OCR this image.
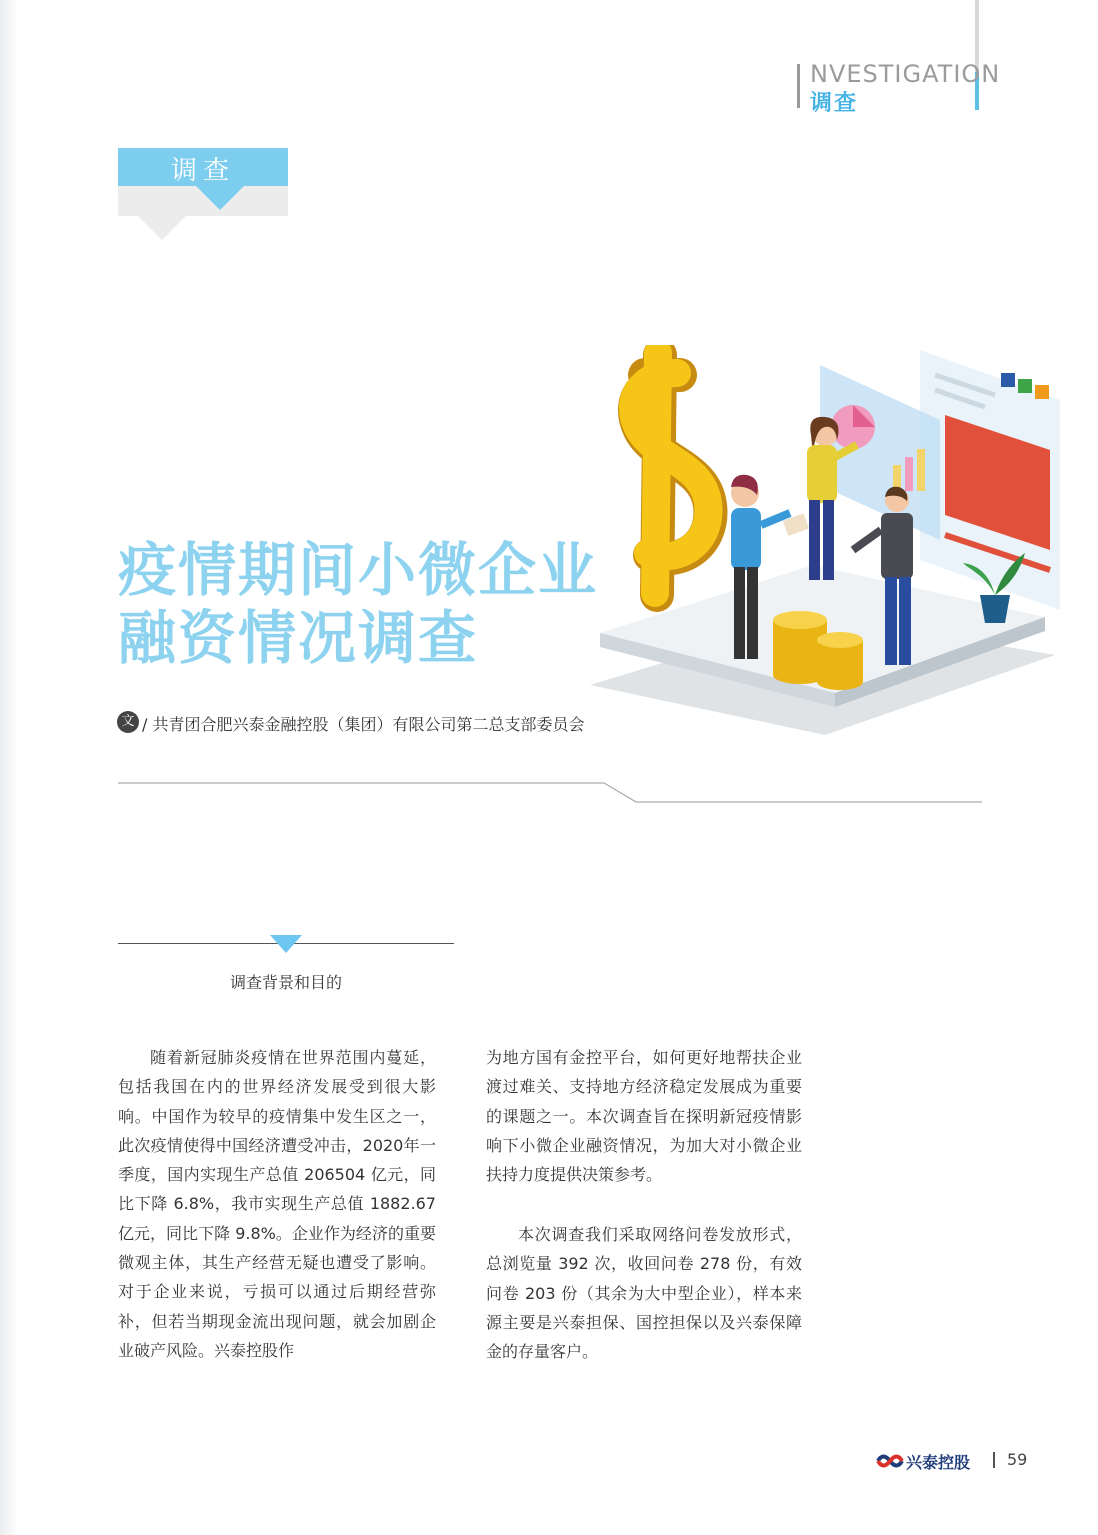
NVESTIGATION
调查
调查
疫情期间小微企业
融资情况调查
文 / 共青团合肥兴泰金融控股（集团）有限公司第二总支部委员会
调查背景和目的

随着新冠肺炎疫情在世界范围内蔓延，包括我国在内的世界经济发展受到很大影响。中国作为较早的疫情集中发生区之一，此次疫情使得中国经济遭受冲击，2020年一季度，国内实现生产总值 206504 亿元，同比下降 6.8%，我市实现生产总值 1882.67 亿元，同比下降 9.8%。企业作为经济的重要微观主体，其生产经营无疑也遭受了影响。对于企业来说，亏损可以通过后期经营弥补，但若当期现金流出现问题，就会加剧企业破产风险。兴泰控股作

为地方国有金控平台，如何更好地帮扶企业渡过难关、支持地方经济稳定发展成为重要的课题之一。本次调查旨在探明新冠疫情影响下小微企业融资情况，为加大对小微企业扶持力度提供决策参考。
本次调查我们采取网络问卷发放形式，总浏览量 392 次，收回问卷 278 份，有效问卷 203 份（其余为大中型企业），样本来源主要是兴泰担保、国控担保以及兴泰保障金的存量客户。
兴泰控股 59
